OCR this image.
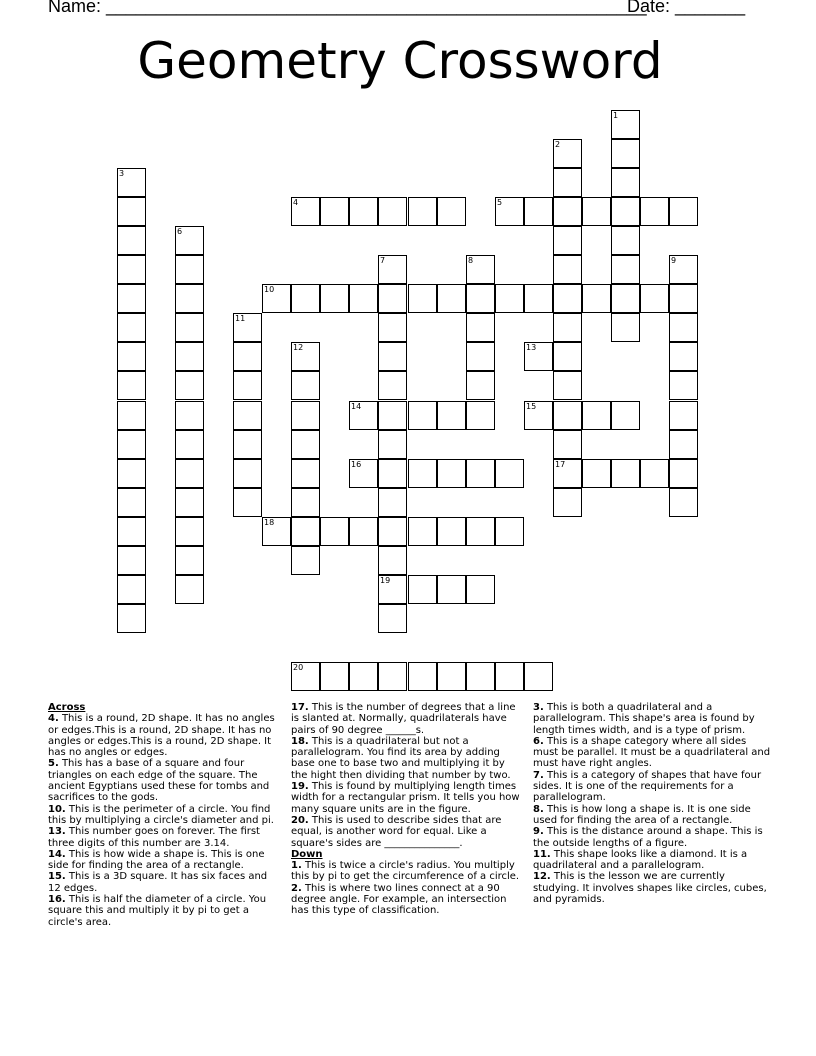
Name: ______________________________________________________
Date: _______
Geometry Crossword
1
2
17
3
4	5
6
7
19
8	9
10
11
12	13
14	15
16
18
20
Across
4. This is a round, 2D shape. It has no angles or edges.This is a round, 2D shape. It has no angles or edges.This is a round, 2D shape. It has no angles or edges.
5. This has a base of a square and four triangles on each edge of the square. The ancient Egyptians used these for tombs and sacrifices to the gods.
10. This is the perimeter of a circle. You find this by multiplying a circle's diameter and pi.
13. This number goes on forever. The first three digits of this number are 3.14.
14. This is how wide a shape is. This is one side for finding the area of a rectangle.
15. This is a 3D square. It has six faces and 12 edges.
16. This is half the diameter of a circle. You square this and multiply it by pi to get a circle's area.
17. This is the number of degrees that a line is slanted at. Normally, quadrilaterals have pairs of 90 degree ______s.
18. This is a quadrilateral but not a parallelogram. You find its area by adding base one to base two and multiplying it by the hight then dividing that number by two.
19. This is found by multiplying length times width for a rectangular prism. It tells you how many square units are in the figure.
20. This is used to describe sides that are equal, is another word for equal. Like a square's sides are _______________.
Down
1. This is twice a circle's radius. You multiply this by pi to get the circumference of a circle.
2. This is where two lines connect at a 90 degree angle. For example, an intersection has this type of classification.
3. This is both a quadrilateral and a parallelogram. This shape's area is found by length times width, and is a type of prism.
6. This is a shape category where all sides must be parallel. It must be a quadrilateral and must have right angles.
7. This is a category of shapes that have four sides. It is one of the requirements for a parallelogram.
8. This is how long a shape is. It is one side used for finding the area of a rectangle.
9. This is the distance around a shape. This is the outside lengths of a figure.
11. This shape looks like a diamond. It is a quadrilateral and a parallelogram.
12. This is the lesson we are currently studying. It involves shapes like circles, cubes, and pyramids.
